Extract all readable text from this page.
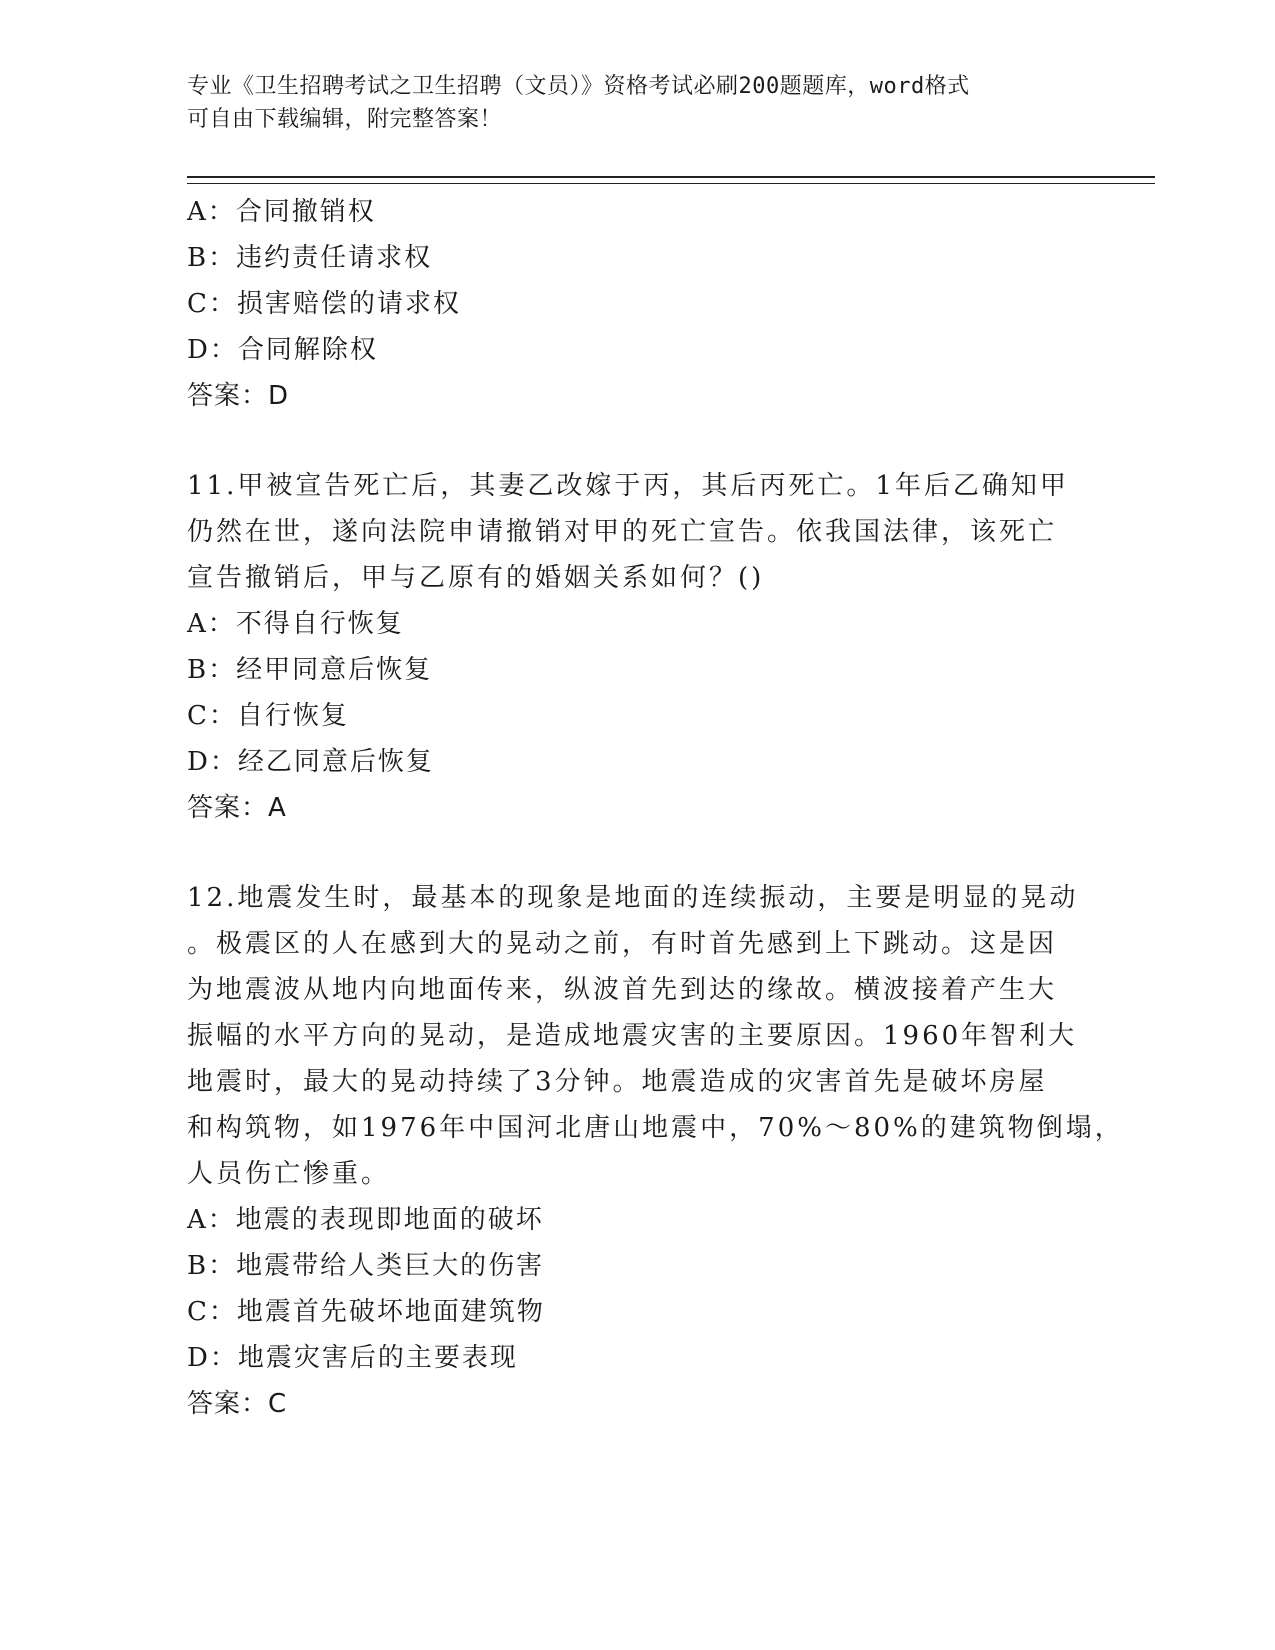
专业《卫生招聘考试之卫生招聘（文员）》资格考试必刷200题题库，word格式
可自由下载编辑，附完整答案！
A：合同撤销权
B：违约责任请求权
C：损害赔偿的请求权
D：合同解除权
答案：D
11.甲被宣告死亡后，其妻乙改嫁于丙，其后丙死亡。1年后乙确知甲
仍然在世，遂向法院申请撤销对甲的死亡宣告。依我国法律，该死亡
宣告撤销后，甲与乙原有的婚姻关系如何？()
A：不得自行恢复
B：经甲同意后恢复
C：自行恢复
D：经乙同意后恢复
答案：A
12.地震发生时，最基本的现象是地面的连续振动，主要是明显的晃动
。极震区的人在感到大的晃动之前，有时首先感到上下跳动。这是因
为地震波从地内向地面传来，纵波首先到达的缘故。横波接着产生大
振幅的水平方向的晃动，是造成地震灾害的主要原因。1960年智利大
地震时，最大的晃动持续了3分钟。地震造成的灾害首先是破坏房屋
和构筑物，如1976年中国河北唐山地震中，70%～80%的建筑物倒塌，
人员伤亡惨重。
A：地震的表现即地面的破坏
B：地震带给人类巨大的伤害
C：地震首先破坏地面建筑物
D：地震灾害后的主要表现
答案：C
